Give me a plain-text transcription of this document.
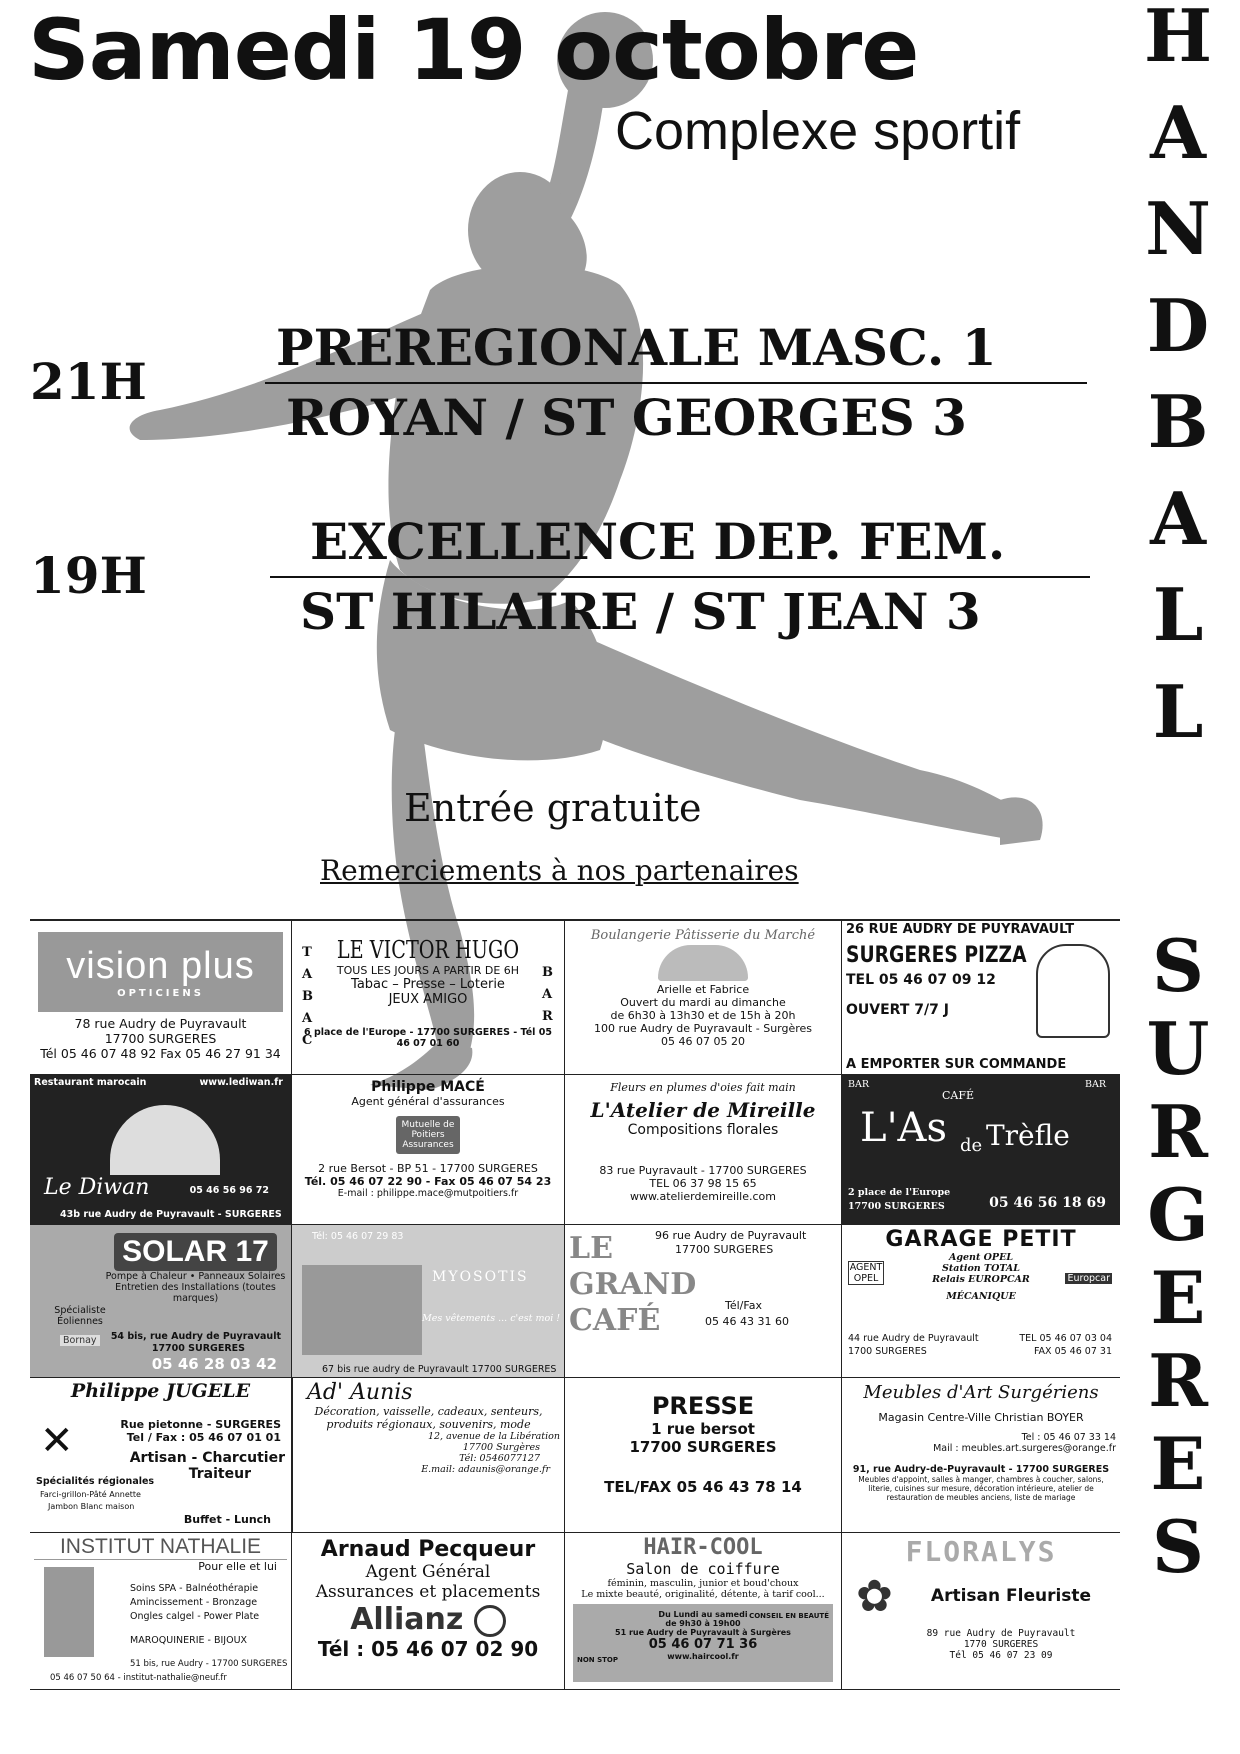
Samedi 19 octobre
Complexe sportif
H
A
N
D
B
A
L
L
S
U
R
G
E
R
E
S
21H
PREREGIONALE MASC. 1
ROYAN / ST GEORGES 3
19H
EXCELLENCE DEP. FEM.
ST HILAIRE / ST JEAN 3
Entrée gratuite
Remerciements à nos partenaires
vision plus
OPTICIENS
78 rue Audry de Puyravault
17700 SURGERES
Tél 05 46 07 48 92 Fax 05 46 27 91 34
TABAC
BAR
LE VICTOR HUGO
TOUS LES JOURS A PARTIR DE 6H
Tabac – Presse – Loterie
JEUX AMIGO
6 place de l'Europe - 17700 SURGERES - Tél 05 46 07 01 60
Boulangerie Pâtisserie du Marché
Arielle et Fabrice
Ouvert du mardi au dimanche
de 6h30 à 13h30 et de 15h à 20h
100 rue Audry de Puyravault - Surgères
05 46 07 05 20
26 RUE AUDRY DE PUYRAVAULT
SURGERES PIZZA
TEL 05 46 07 09 12
OUVERT 7/7 J
A EMPORTER SUR COMMANDE
Restaurant marocain	www.lediwan.fr
Le Diwan	05 46 56 96 72
43b rue Audry de Puyravault - SURGERES
Philippe MACÉ
Agent général d'assurances
Mutuelle de Poitiers Assurances
2 rue Bersot - BP 51 - 17700 SURGERES
Tél. 05 46 07 22 90 - Fax 05 46 07 54 23
E-mail : philippe.mace@mutpoitiers.fr
Fleurs en plumes d'oies fait main
L'Atelier de Mireille
Compositions florales
83 rue Puyravault - 17700 SURGERES
TEL 06 37 98 15 65
www.atelierdemireille.com
BAR	BAR
CAFÉ
L'As de Trèfle
2 place de l'Europe
17700 SURGERES	05 46 56 18 69
SOLAR 17
Pompe à Chaleur • Panneaux Solaires
Entretien des Installations (toutes marques)
Spécialiste Éoliennes
Bornay	54 bis, rue Audry de Puyravault
17700 SURGERES
05 46 28 03 42
Tél: 05 46 07 29 83
MYOSOTIS
Mes vêtements ... c'est moi !
67 bis rue audry de Puyravault 17700 SURGERES
LE GRAND CAFÉ
96 rue Audry de Puyravault
17700 SURGERES
Tél/Fax
05 46 43 31 60
GARAGE PETIT
Agent OPEL
Station TOTAL
Relais EUROPCAR
MÉCANIQUE
AGENT OPEL	Europcar
44 rue Audry de Puyravault
1700 SURGERES
TEL 05 46 07 03 04
FAX 05 46 07 31
Philippe JUGELE
✕	Rue pietonne - SURGERES
Tel / Fax : 05 46 07 01 01
Artisan - Charcutier
Traiteur
Spécialités régionales
Farci-grillon-Pâté Annette
Jambon Blanc maison
Buffet - Lunch
Ad' Aunis
Décoration, vaisselle, cadeaux, senteurs,
produits régionaux, souvenirs, mode
12, avenue de la Libération
17700 Surgères
Tél: 0546077127
E.mail: adaunis@orange.fr
PRESSE
1 rue bersot
17700 SURGERES
TEL/FAX 05 46 43 78 14
Meubles d'Art Surgériens
Magasin Centre-Ville Christian BOYER
Tel : 05 46 07 33 14
Mail : meubles.art.surgeres@orange.fr
91, rue Audry-de-Puyravault - 17700 SURGERES
Meubles d'appoint, salles à manger, chambres à coucher, salons, literie, cuisines sur mesure, décoration intérieure, atelier de restauration de meubles anciens, liste de mariage
INSTITUT NATHALIE
Pour elle et lui
Soins SPA - Balnéothérapie
Amincissement - Bronzage
Ongles calgel - Power Plate
MAROQUINERIE - BIJOUX
51 bis, rue Audry - 17700 SURGERES
05 46 07 50 64 - institut-nathalie@neuf.fr
Arnaud Pecqueur
Agent Général
Assurances et placements
Allianz
Tél : 05 46 07 02 90
HAIR-COOL
Salon de coiffure
féminin, masculin, junior et boud'choux
Le mixte beauté, originalité, détente, à tarif cool...
Du Lundi au samedi
de 9h30 à 19h00
51 rue Audry de Puyravault à Surgères
05 46 07 71 36
www.haircool.fr
NON STOP
CONSEIL EN BEAUTÉ
FLORALYS
✿	Artisan Fleuriste
89 rue Audry de Puyravault
1770 SURGERES
Tél 05 46 07 23 09
